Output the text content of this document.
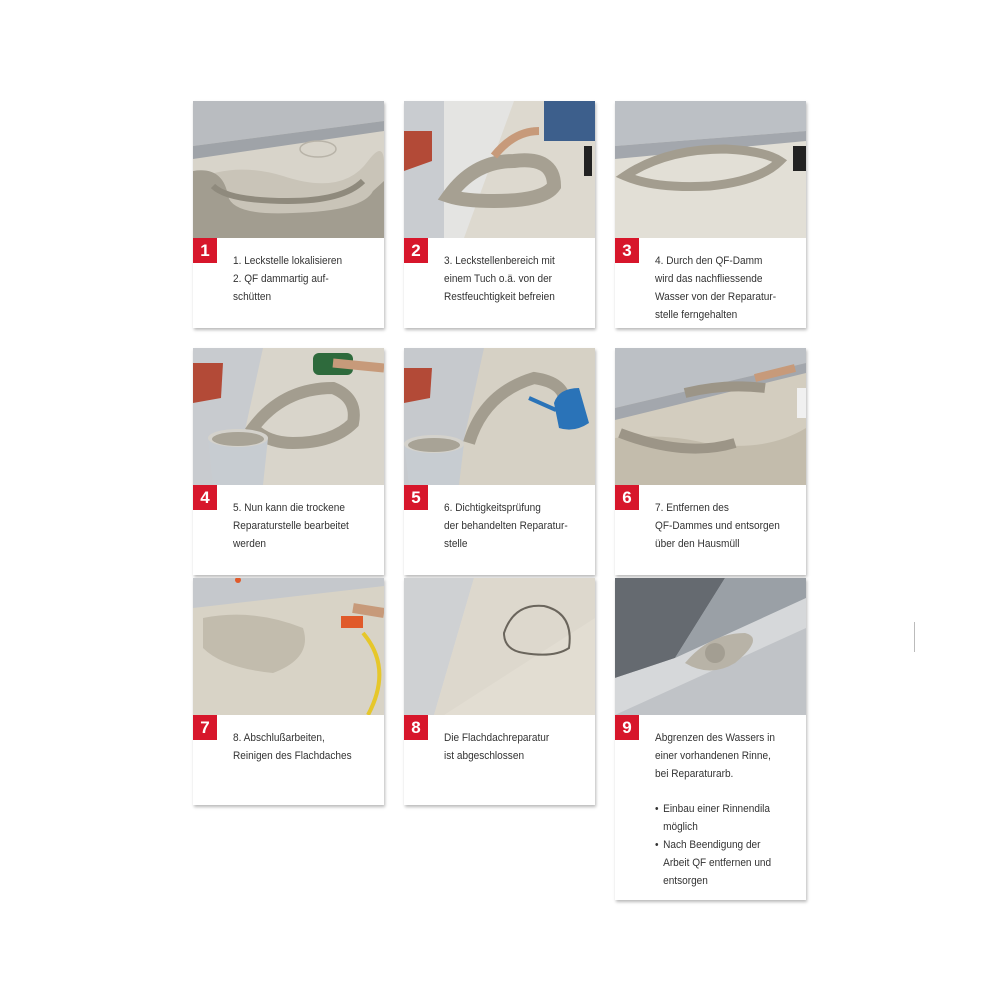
1
1. Leckstelle lokalisieren
2. QF dammartig auf-
schütten
2
3. Leckstellenbereich mit
einem Tuch o.ä. von der
Restfeuchtigkeit befreien
3
4. Durch den QF-Damm
wird das nachfliessende
Wasser von der Reparatur-
stelle ferngehalten
4
5. Nun kann die trockene
Reparaturstelle bearbeitet
werden
5
6. Dichtigkeitsprüfung
der behandelten Reparatur-
stelle
6
7. Entfernen des
QF-Dammes und entsorgen
über den Hausmüll
7
8. Abschlußarbeiten,
Reinigen des Flachdaches
8
Die Flachdachreparatur
ist abgeschlossen
9
Abgrenzen des Wassers in
einer vorhandenen Rinne,
bei Reparaturarb.
• Einbau einer Rinnendila
möglich
• Nach Beendigung der
Arbeit QF entfernen und
entsorgen
